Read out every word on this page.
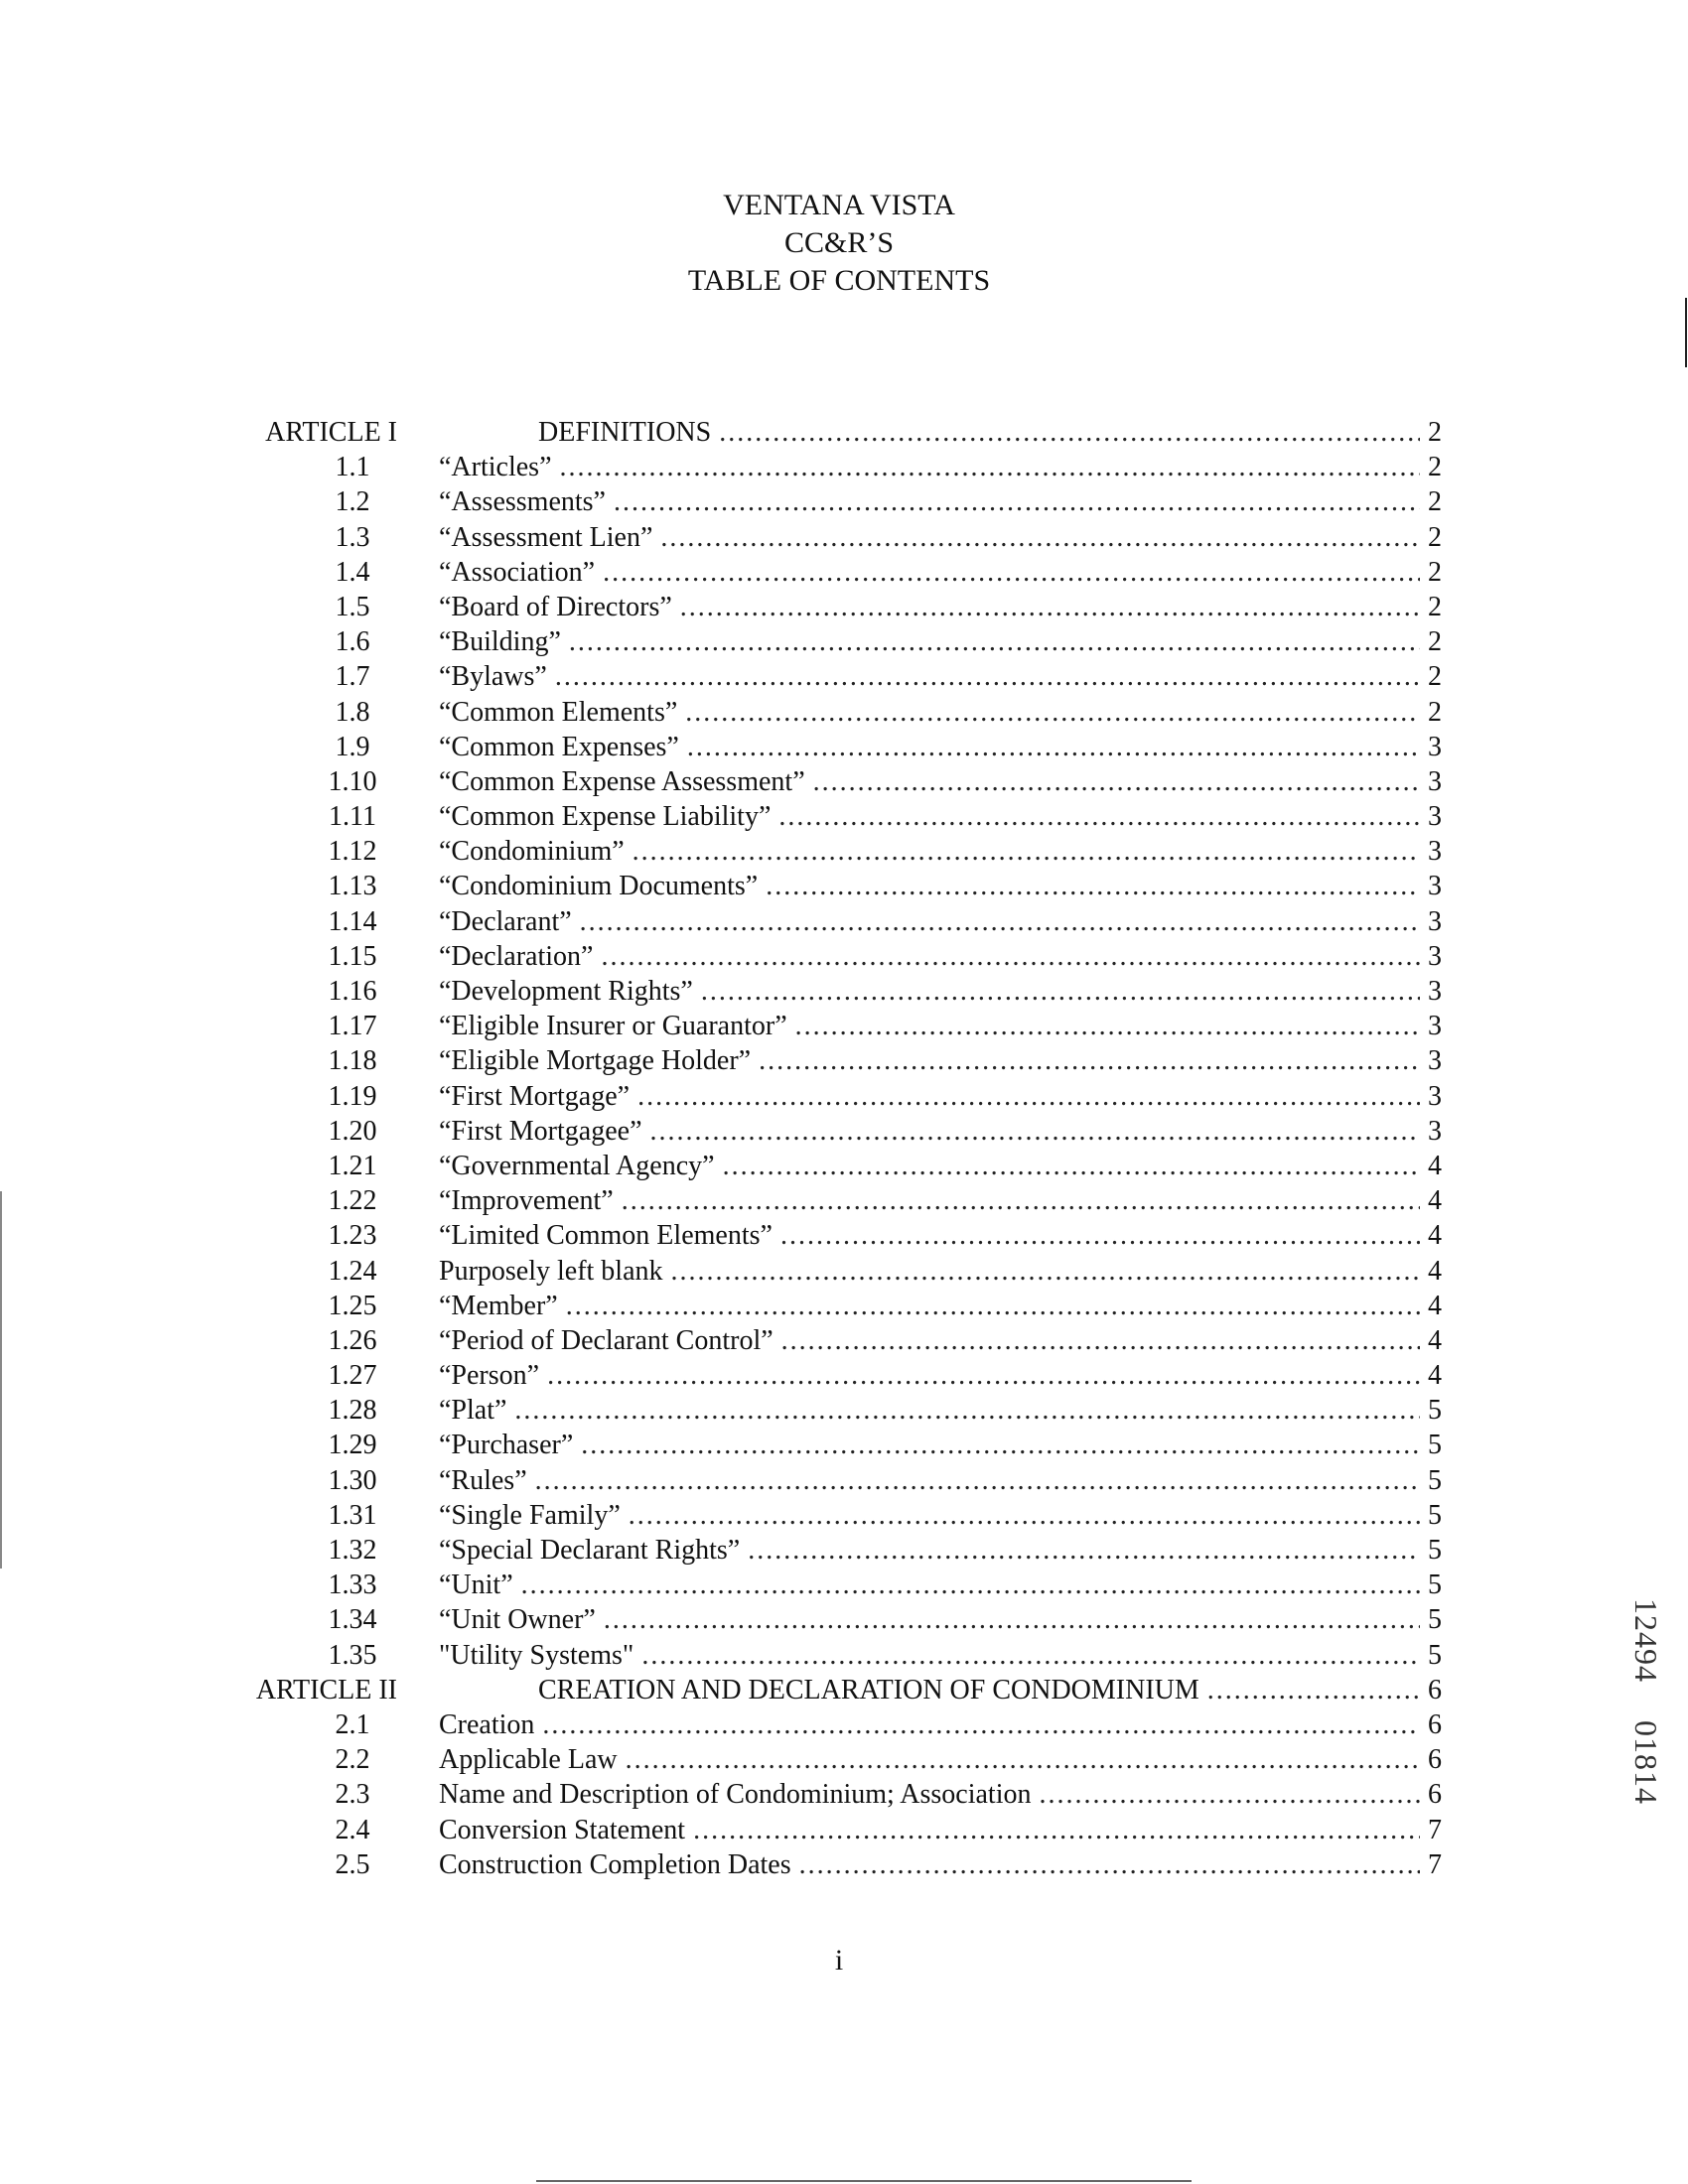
VENTANA VISTA
CC&R’S
TABLE OF CONTENTS
ARTICLE I	DEFINITIONS .....	2
1.1 “Articles” .....	2
1.2 “Assessments” .....	2
1.3 “Assessment Lien” .....	2
1.4 “Association” .....	2
1.5 “Board of Directors” .....	2
1.6 “Building” .....	2
1.7 “Bylaws” .....	2
1.8 “Common Elements” .....	2
1.9 “Common Expenses” .....	3
1.10 “Common Expense Assessment” .....	3
1.11 “Common Expense Liability” .....	3
1.12 “Condominium” .....	3
1.13 “Condominium Documents” .....	3
1.14 “Declarant” .....	3
1.15 “Declaration” .....	3
1.16 “Development Rights” .....	3
1.17 “Eligible Insurer or Guarantor” .....	3
1.18 “Eligible Mortgage Holder” .....	3
1.19 “First Mortgage” .....	3
1.20 “First Mortgagee” .....	3
1.21 “Governmental Agency” .....	4
1.22 “Improvement” .....	4
1.23 “Limited Common Elements” .....	4
1.24 Purposely left blank .....	4
1.25 “Member” .....	4
1.26 “Period of Declarant Control” .....	4
1.27 “Person” .....	4
1.28 “Plat” .....	5
1.29 “Purchaser” .....	5
1.30 “Rules” .....	5
1.31 “Single Family” .....	5
1.32 “Special Declarant Rights” .....	5
1.33 “Unit” .....	5
1.34 “Unit Owner” .....	5
1.35 "Utility Systems" .....	5
ARTICLE II	CREATION AND DECLARATION OF CONDOMINIUM .....	6
2.1 Creation .....	6
2.2 Applicable Law .....	6
2.3 Name and Description of Condominium; Association .....	6
2.4 Conversion Statement .....	7
2.5 Construction Completion Dates .....	7
i
12494
01814
